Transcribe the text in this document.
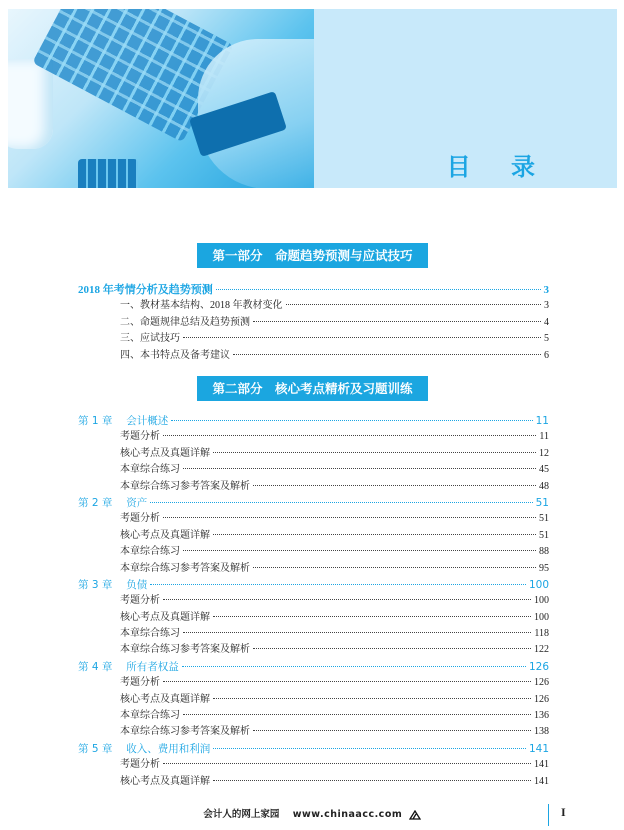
目 录
第一部分　命题趋势预测与应试技巧
2018 年考情分析及趋势预测	3
一、教材基本结构、2018 年教材变化	3
二、命题规律总结及趋势预测	4
三、应试技巧	5
四、本书特点及备考建议	6
第二部分　核心考点精析及习题训练
第 1 章　 会计概述	11
考题分析	11
核心考点及真题详解	12
本章综合练习	45
本章综合练习参考答案及解析	48
第 2 章　 资产	51
考题分析	51
核心考点及真题详解	51
本章综合练习	88
本章综合练习参考答案及解析	95
第 3 章　 负债	100
考题分析	100
核心考点及真题详解	100
本章综合练习	118
本章综合练习参考答案及解析	122
第 4 章　 所有者权益	126
考题分析	126
核心考点及真题详解	126
本章综合练习	136
本章综合练习参考答案及解析	138
第 5 章　 收入、费用和利润	141
考题分析	141
核心考点及真题详解	141
会计人的网上家园 www.chinaacc.com	I
